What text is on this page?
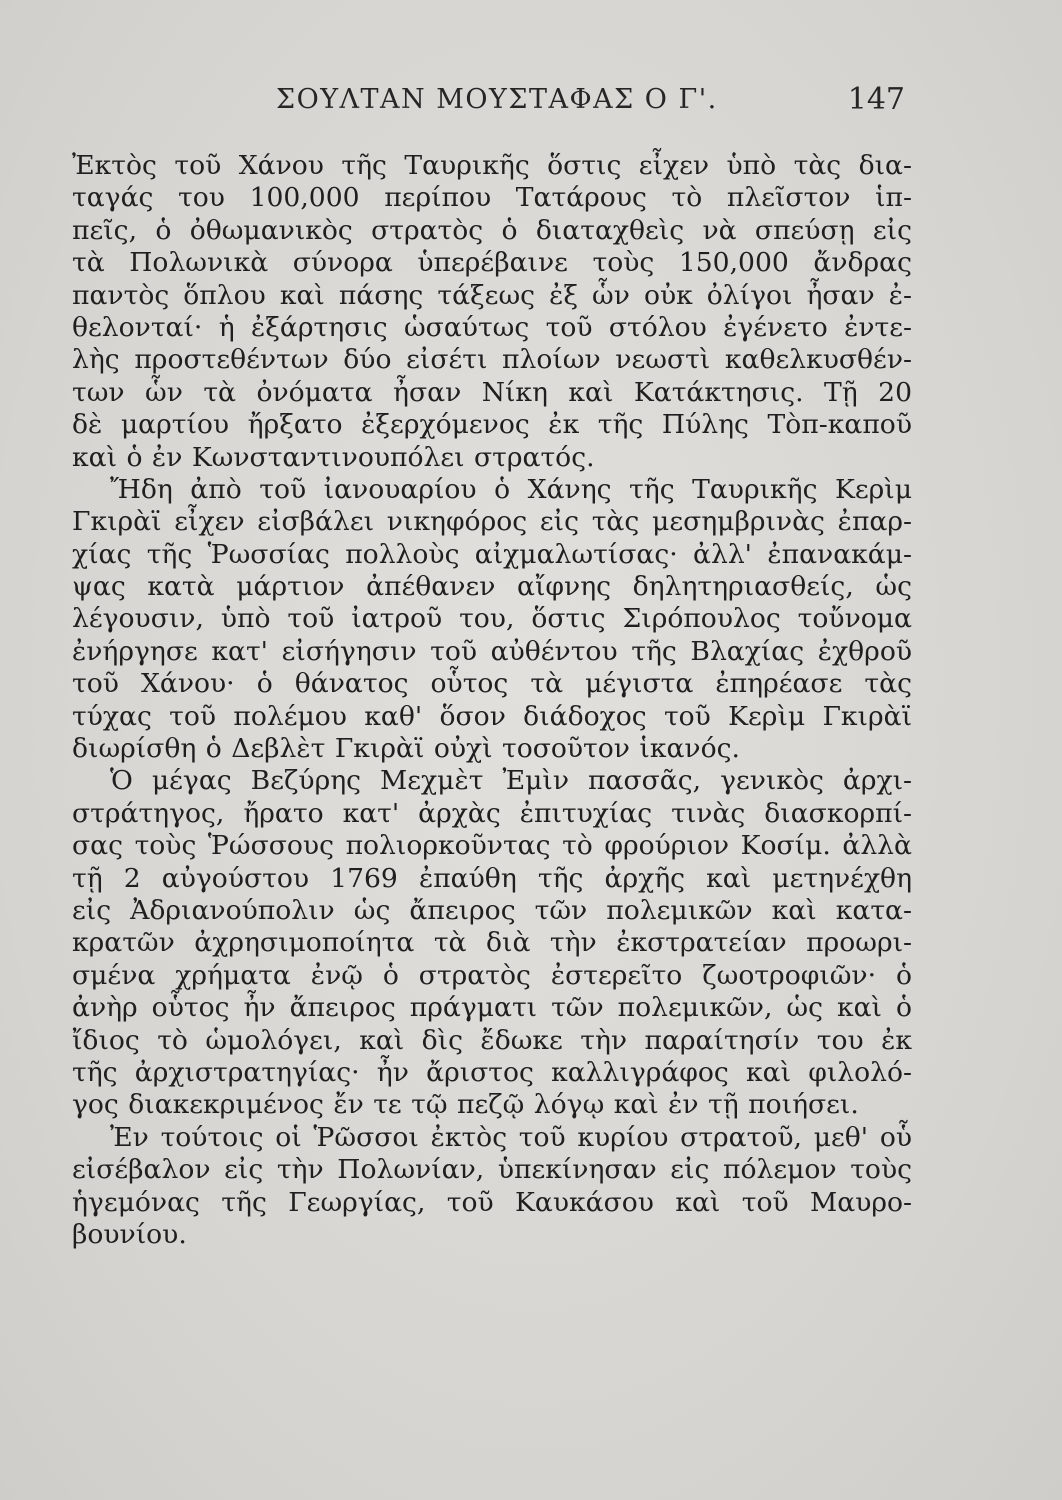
ΣΟΥΛΤΑΝ ΜΟΥΣΤΑΦΑΣ Ο Γ'.	147
Ἐκτὸς τοῦ Χάνου τῆς Ταυρικῆς ὅστις εἶχεν ὑπὸ τὰς δια-
ταγάς του 100,000 περίπου Τατάρους τὸ πλεῖστον ἱπ-
πεῖς, ὁ ὀθωμανικὸς στρατὸς ὁ διαταχθεὶς νὰ σπεύσῃ εἰς
τὰ Πολωνικὰ σύνορα ὑπερέβαινε τοὺς 150,000 ἄνδρας
παντὸς ὅπλου καὶ πάσης τάξεως ἐξ ὧν οὐκ ὀλίγοι ἦσαν ἐ-
θελονταί· ἡ ἐξάρτησις ὡσαύτως τοῦ στόλου ἐγένετο ἐντε-
λὴς προστεθέντων δύο εἰσέτι πλοίων νεωστὶ καθελκυσθέν-
των ὧν τὰ ὀνόματα ἦσαν Νίκη καὶ Κατάκτησις. Τῇ 20
δὲ μαρτίου ἤρξατο ἐξερχόμενος ἐκ τῆς Πύλης Τὸπ-καποῦ
καὶ ὁ ἐν Κωνσταντινουπόλει στρατός.
Ἤδη ἀπὸ τοῦ ἰανουαρίου ὁ Χάνης τῆς Ταυρικῆς Κερὶμ
Γκιρὰϊ εἶχεν εἰσβάλει νικηφόρος εἰς τὰς μεσημβρινὰς ἐπαρ-
χίας τῆς Ῥωσσίας πολλοὺς αἰχμαλωτίσας· ἀλλ' ἐπανακάμ-
ψας κατὰ μάρτιον ἀπέθανεν αἴφνης δηλητηριασθείς, ὡς
λέγουσιν, ὑπὸ τοῦ ἰατροῦ του, ὅστις Σιρόπουλος τοὔνομα
ἐνήργησε κατ' εἰσήγησιν τοῦ αὐθέντου τῆς Βλαχίας ἐχθροῦ
τοῦ Χάνου· ὁ θάνατος οὗτος τὰ μέγιστα ἐπηρέασε τὰς
τύχας τοῦ πολέμου καθ' ὅσον διάδοχος τοῦ Κερὶμ Γκιρὰϊ
διωρίσθη ὁ Δεβλὲτ Γκιρὰϊ οὐχὶ τοσοῦτον ἱκανός.
Ὁ μέγας Βεζύρης Μεχμὲτ Ἐμὶν πασσᾶς, γενικὸς ἀρχι-
στράτηγος, ἤρατο κατ' ἀρχὰς ἐπιτυχίας τινὰς διασκορπί-
σας τοὺς Ῥώσσους πολιορκοῦντας τὸ φρούριον Κοσίμ. ἀλλὰ
τῇ 2 αὐγούστου 1769 ἐπαύθη τῆς ἀρχῆς καὶ μετηνέχθη
εἰς Ἀδριανούπολιν ὡς ἄπειρος τῶν πολεμικῶν καὶ κατα-
κρατῶν ἀχρησιμοποίητα τὰ διὰ τὴν ἐκστρατείαν προωρι-
σμένα χρήματα ἐνῷ ὁ στρατὸς ἐστερεῖτο ζωοτροφιῶν· ὁ
ἀνὴρ οὗτος ἦν ἄπειρος πράγματι τῶν πολεμικῶν, ὡς καὶ ὁ
ἴδιος τὸ ὡμολόγει, καὶ δὶς ἔδωκε τὴν παραίτησίν του ἐκ
τῆς ἀρχιστρατηγίας· ἦν ἄριστος καλλιγράφος καὶ φιλολό-
γος διακεκριμένος ἔν τε τῷ πεζῷ λόγῳ καὶ ἐν τῇ ποιήσει.
Ἐν τούτοις οἱ Ῥῶσσοι ἐκτὸς τοῦ κυρίου στρατοῦ, μεθ' οὗ
εἰσέβαλον εἰς τὴν Πολωνίαν, ὑπεκίνησαν εἰς πόλεμον τοὺς
ἡγεμόνας τῆς Γεωργίας, τοῦ Καυκάσου καὶ τοῦ Μαυρο-
βουνίου.
